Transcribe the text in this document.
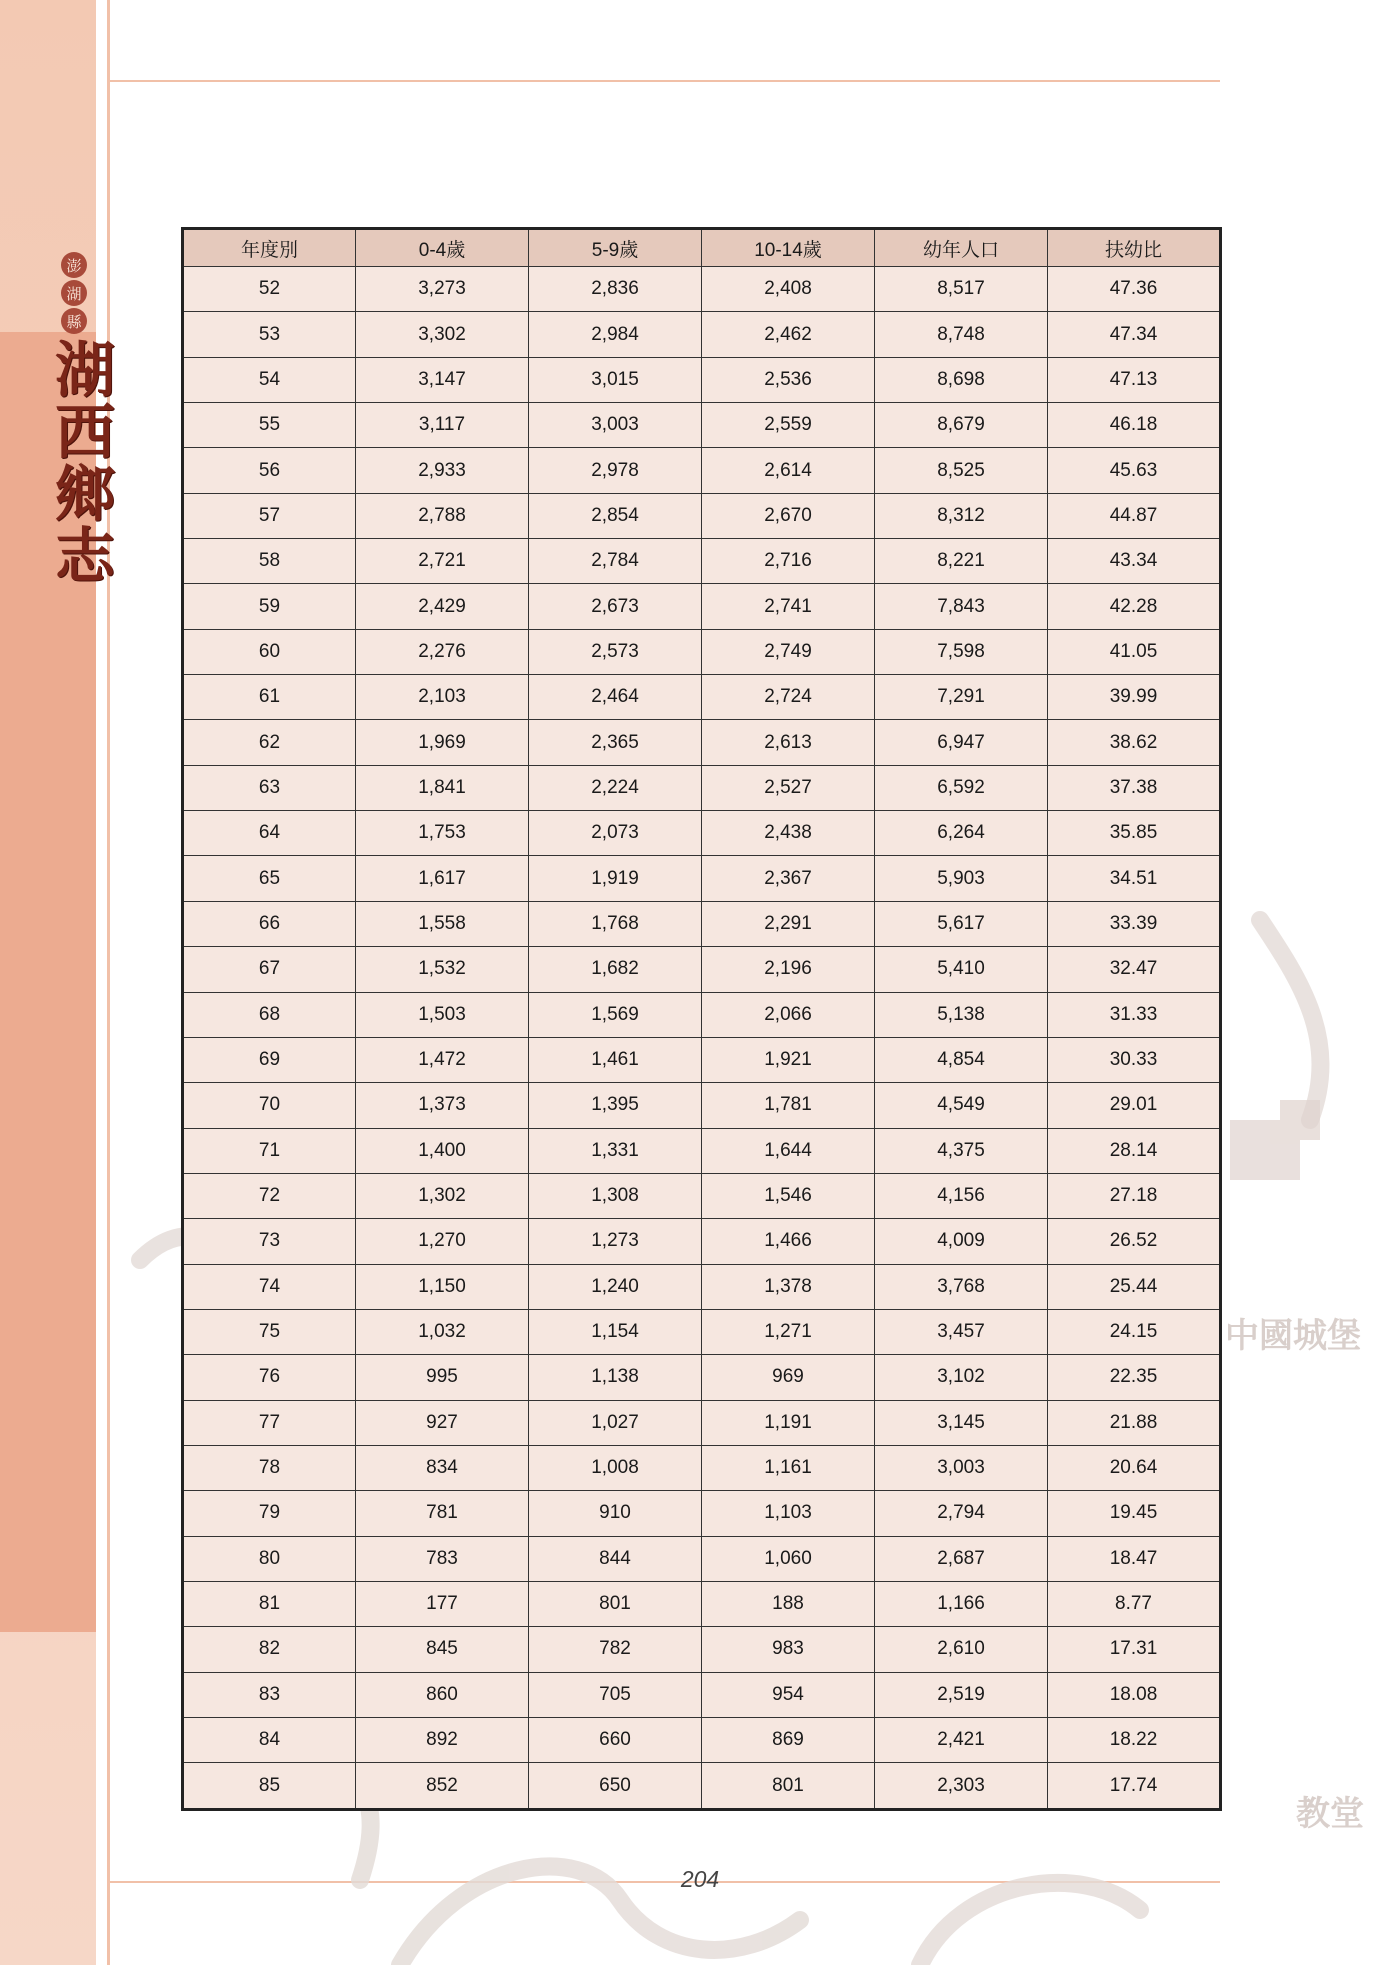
澎
湖
縣
湖西鄉志
中國城堡
教堂
年度別	0-4歲	5-9歲	10-14歲	幼年人口	扶幼比
52	3,273	2,836	2,408	8,517	47.36
53	3,302	2,984	2,462	8,748	47.34
54	3,147	3,015	2,536	8,698	47.13
55	3,117	3,003	2,559	8,679	46.18
56	2,933	2,978	2,614	8,525	45.63
57	2,788	2,854	2,670	8,312	44.87
58	2,721	2,784	2,716	8,221	43.34
59	2,429	2,673	2,741	7,843	42.28
60	2,276	2,573	2,749	7,598	41.05
61	2,103	2,464	2,724	7,291	39.99
62	1,969	2,365	2,613	6,947	38.62
63	1,841	2,224	2,527	6,592	37.38
64	1,753	2,073	2,438	6,264	35.85
65	1,617	1,919	2,367	5,903	34.51
66	1,558	1,768	2,291	5,617	33.39
67	1,532	1,682	2,196	5,410	32.47
68	1,503	1,569	2,066	5,138	31.33
69	1,472	1,461	1,921	4,854	30.33
70	1,373	1,395	1,781	4,549	29.01
71	1,400	1,331	1,644	4,375	28.14
72	1,302	1,308	1,546	4,156	27.18
73	1,270	1,273	1,466	4,009	26.52
74	1,150	1,240	1,378	3,768	25.44
75	1,032	1,154	1,271	3,457	24.15
76	995	1,138	969	3,102	22.35
77	927	1,027	1,191	3,145	21.88
78	834	1,008	1,161	3,003	20.64
79	781	910	1,103	2,794	19.45
80	783	844	1,060	2,687	18.47
81	177	801	188	1,166	8.77
82	845	782	983	2,610	17.31
83	860	705	954	2,519	18.08
84	892	660	869	2,421	18.22
85	852	650	801	2,303	17.74
204
